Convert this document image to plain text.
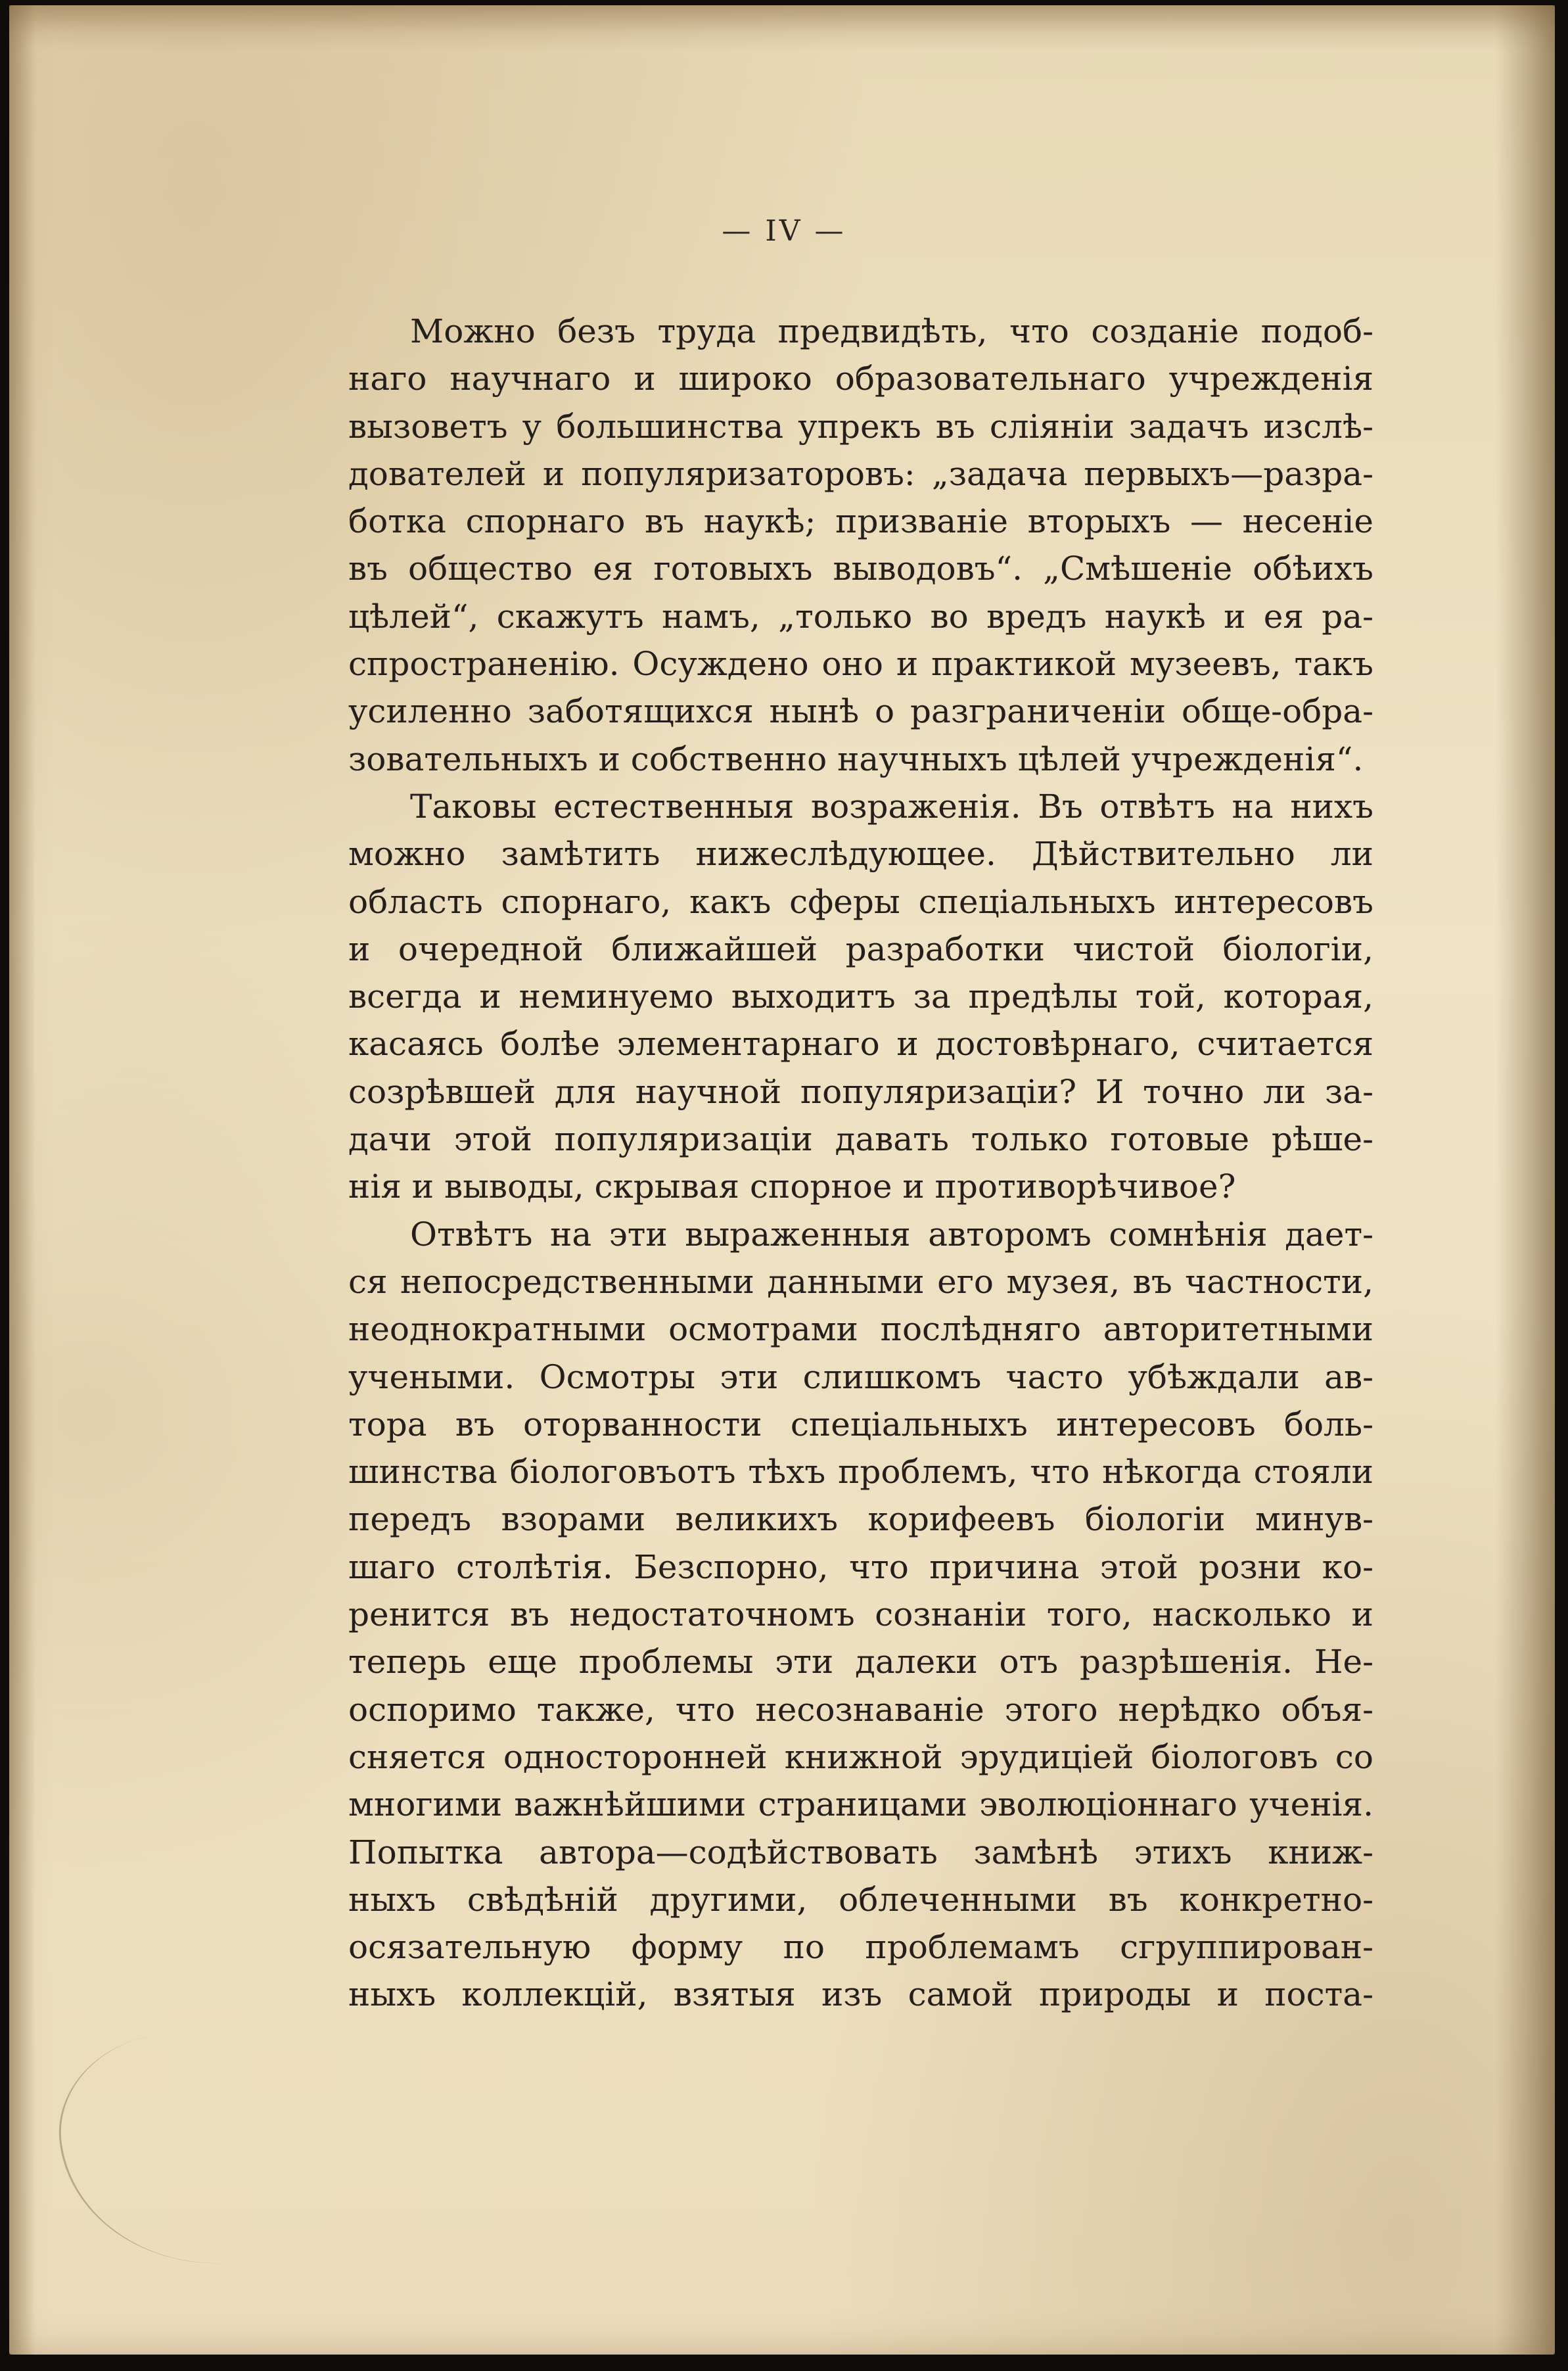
— IV —
Можно безъ труда предвидѣть, что созданіе подоб-
наго научнаго и широко образовательнаго учрежденія
вызоветъ у большинства упрекъ въ сліяніи задачъ изслѣ-
дователей и популяризаторовъ: „задача первыхъ—разра-
ботка спорнаго въ наукѣ; призваніе вторыхъ — несеніе
въ общество ея готовыхъ выводовъ“. „Смѣшеніе обѣихъ
цѣлей“, скажутъ намъ, „только во вредъ наукѣ и ея ра-
спространенію. Осуждено оно и практикой музеевъ, такъ
усиленно заботящихся нынѣ о разграниченіи обще-обра-
зовательныхъ и собственно научныхъ цѣлей учрежденія“.
Таковы естественныя возраженія. Въ отвѣтъ на нихъ
можно замѣтить нижеслѣдующее. Дѣйствительно ли
область спорнаго, какъ сферы спеціальныхъ интересовъ
и очередной ближайшей разработки чистой біологіи,
всегда и неминуемо выходитъ за предѣлы той, которая,
касаясь болѣе элементарнаго и достовѣрнаго, считается
созрѣвшей для научной популяризаціи? И точно ли за-
дачи этой популяризаціи давать только готовые рѣше-
нія и выводы, скрывая спорное и противорѣчивое?
Отвѣтъ на эти выраженныя авторомъ сомнѣнія дает-
ся непосредственными данными его музея, въ частности,
неоднократными осмотрами послѣдняго авторитетными
учеными. Осмотры эти слишкомъ часто убѣждали ав-
тора въ оторванности спеціальныхъ интересовъ боль-
шинства біологовъотъ тѣхъ проблемъ, что нѣкогда стояли
передъ взорами великихъ корифеевъ біологіи минув-
шаго столѣтія. Безспорно, что причина этой розни ко-
ренится въ недостаточномъ сознаніи того, насколько и
теперь еще проблемы эти далеки отъ разрѣшенія. Не-
оспоримо также, что несознаваніе этого нерѣдко объя-
сняется односторонней книжной эрудиціей біологовъ со
многими важнѣйшими страницами эволюціоннаго ученія.
Попытка автора—содѣйствовать замѣнѣ этихъ книж-
ныхъ свѣдѣній другими, облеченными въ конкретно-
осязательную форму по проблемамъ сгруппирован-
ныхъ коллекцій, взятыя изъ самой природы и поста-
